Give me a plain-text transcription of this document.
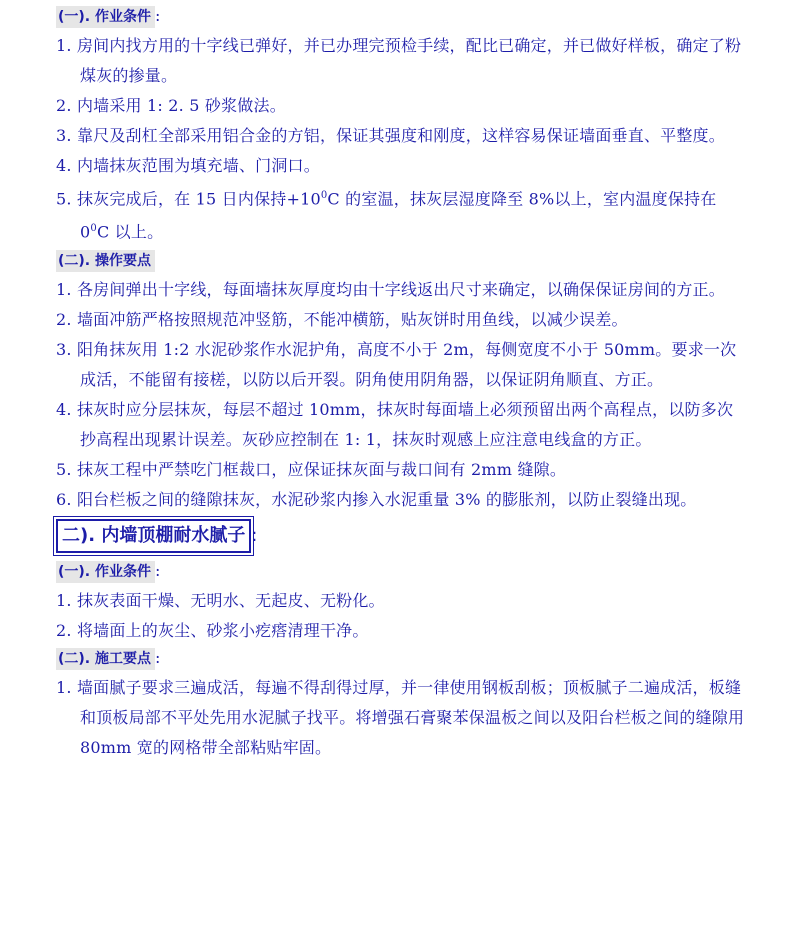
(一). 作业条件 :
1. 房间内找方用的十字线已弹好，并已办理完预检手续，配比已确定，并已做好样板，确定了粉煤灰的掺量。
2. 内墙采用 1: 2. 5 砂浆做法。
3. 靠尺及刮杠全部采用铝合金的方铝，保证其强度和刚度，这样容易保证墙面垂直、平整度。
4. 内墙抹灰范围为填充墙、门洞口。
5. 抹灰完成后，在 15 日内保持$+10^0C$ 的室温，抹灰层湿度降至 8%以上，室内温度保持在 $0^0C$ 以上。
(二). 操作要点
1. 各房间弹出十字线，每面墙抹灰厚度均由十字线返出尺寸来确定，以确保保证房间的方正。
2. 墙面冲筋严格按照规范冲竖筋，不能冲横筋，贴灰饼时用鱼线，以减少误差。
3. 阳角抹灰用 1:2 水泥砂浆作水泥护角，高度不小于 2m，每侧宽度不小于 50mm。要求一次成活，不能留有接槎，以防以后开裂。阴角使用阴角器，以保证阴角顺直、方正。
4. 抹灰时应分层抹灰，每层不超过 10mm，抹灰时每面墙上必须预留出两个高程点，以防多次抄高程出现累计误差。灰砂应控制在 1: 1，抹灰时观感上应注意电线盒的方正。
5. 抹灰工程中严禁吃门框裁口，应保证抹灰面与裁口间有 2mm 缝隙。
6. 阳台栏板之间的缝隙抹灰，水泥砂浆内掺入水泥重量 3% 的膨胀剂，以防止裂缝出现。
二). 内墙顶棚耐水腻子 :
(一). 作业条件 :
1. 抹灰表面干燥、无明水、无起皮、无粉化。
2. 将墙面上的灰尘、砂浆小疙瘩清理干净。
(二). 施工要点 :
1. 墙面腻子要求三遍成活，每遍不得刮得过厚，并一律使用钢板刮板；顶板腻子二遍成活，板缝和顶板局部不平处先用水泥腻子找平。将增强石膏聚苯保温板之间以及阳台栏板之间的缝隙用 80mm 宽的网格带全部粘贴牢固。
